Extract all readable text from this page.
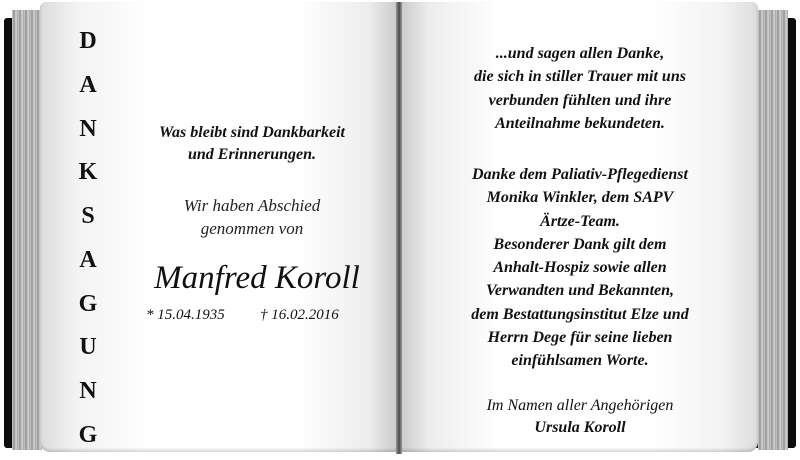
D
A
N
K
S
A
G
U
N
G
Was bleibt sind Dankbarkeit
und Erinnerungen.
Wir haben Abschied
genommen von
Manfred Koroll
* 15.04.1935 † 16.02.2016
...und sagen allen Danke,
die sich in stiller Trauer mit uns
verbunden fühlten und ihre
Anteilnahme bekundeten.
Danke dem Paliativ-Pflegedienst
Monika Winkler, dem SAPV
Ärtze-Team.
Besonderer Dank gilt dem
Anhalt-Hospiz sowie allen
Verwandten und Bekannten,
dem Bestattungsinstitut Elze und
Herrn Dege für seine lieben
einfühlsamen Worte.
Im Namen aller Angehörigen
Ursula Koroll
